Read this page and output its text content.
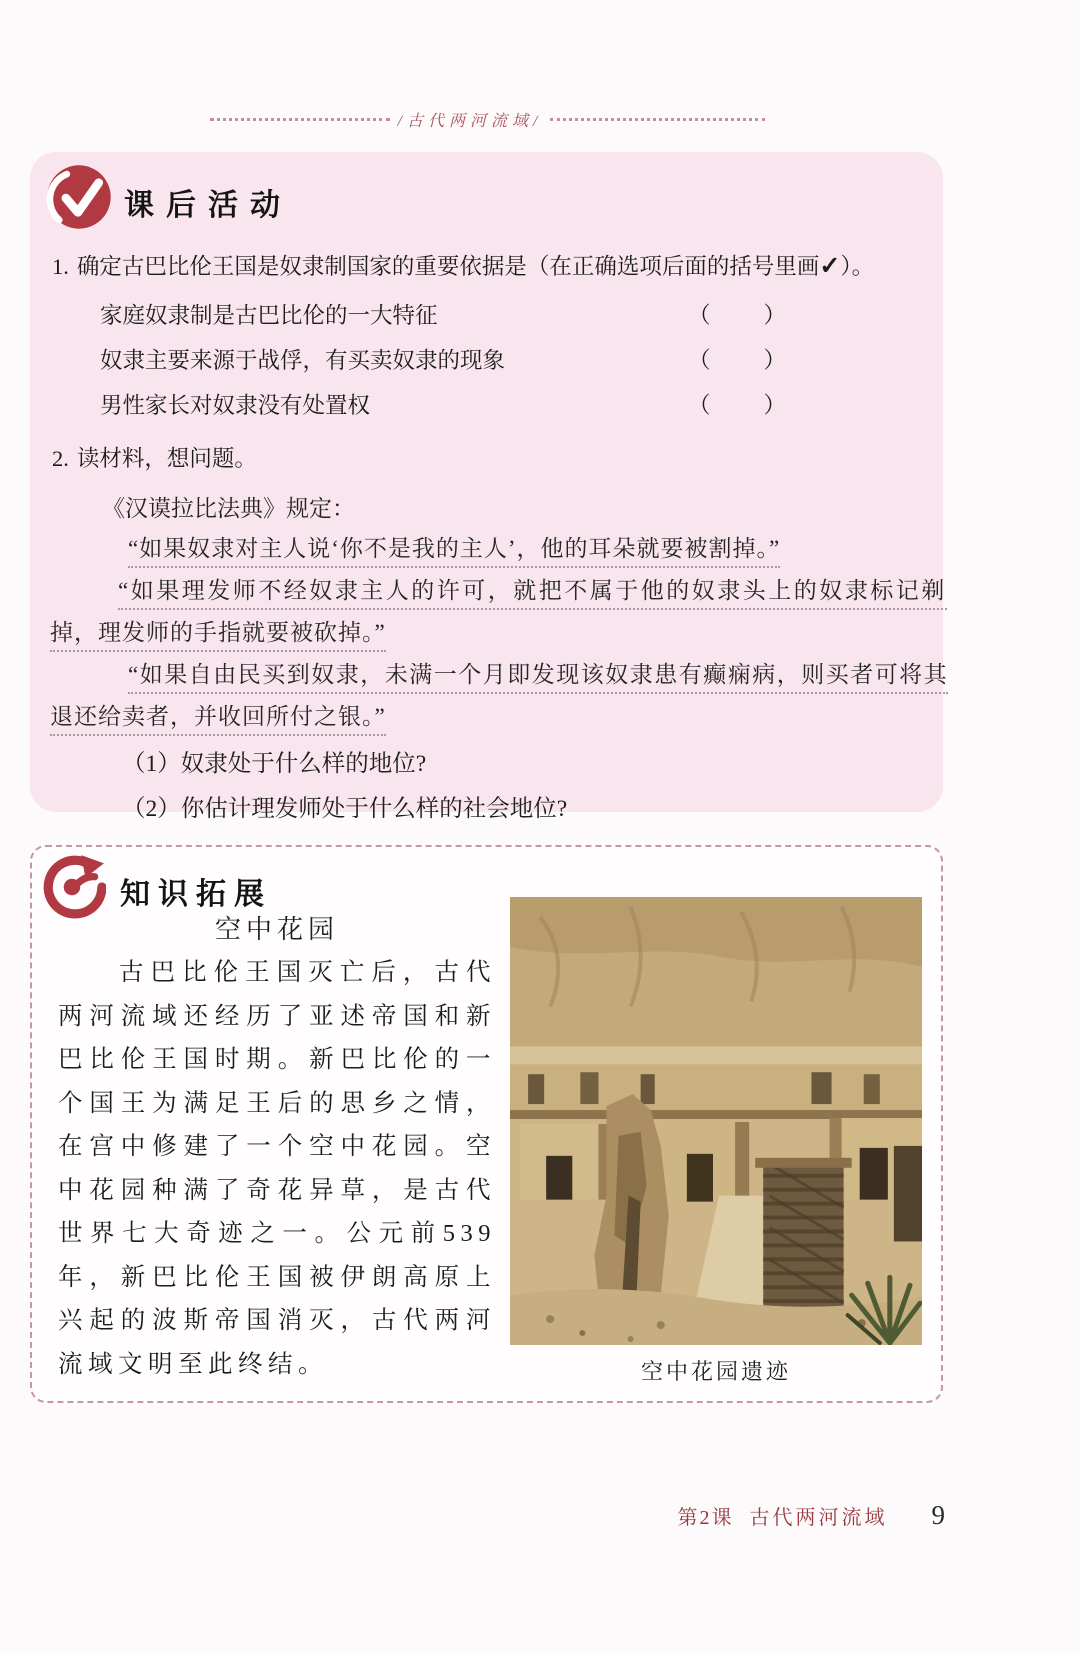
/古代两河流域/
课后活动
1. 确定古巴比伦王国是奴隶制国家的重要依据是（在正确选项后面的括号里画✓）。
家庭奴隶制是古巴比伦的一大特征	（ ）
奴隶主要来源于战俘，有买卖奴隶的现象	（ ）
男性家长对奴隶没有处置权	（ ）
2. 读材料，想问题。
《汉谟拉比法典》规定：
“如果奴隶对主人说‘你不是我的主人’，他的耳朵就要被割掉。”
“如果理发师不经奴隶主人的许可，就把不属于他的奴隶头上的奴隶标记剃
掉，理发师的手指就要被砍掉。”
“如果自由民买到奴隶，未满一个月即发现该奴隶患有癫痫病，则买者可将其
退还给卖者，并收回所付之银。”
（1）奴隶处于什么样的地位?
（2）你估计理发师处于什么样的社会地位?
知识拓展
空中花园
古巴比伦王国灭亡后，古代两河流域还经历了亚述帝国和新巴比伦王国时期。新巴比伦的一个国王为满足王后的思乡之情，在宫中修建了一个空中花园。空中花园种满了奇花异草，是古代世界七大奇迹之一。公元前539年，新巴比伦王国被伊朗高原上兴起的波斯帝国消灭，古代两河流域文明至此终结。	空中花园遗迹
第2课 古代两河流域 9
